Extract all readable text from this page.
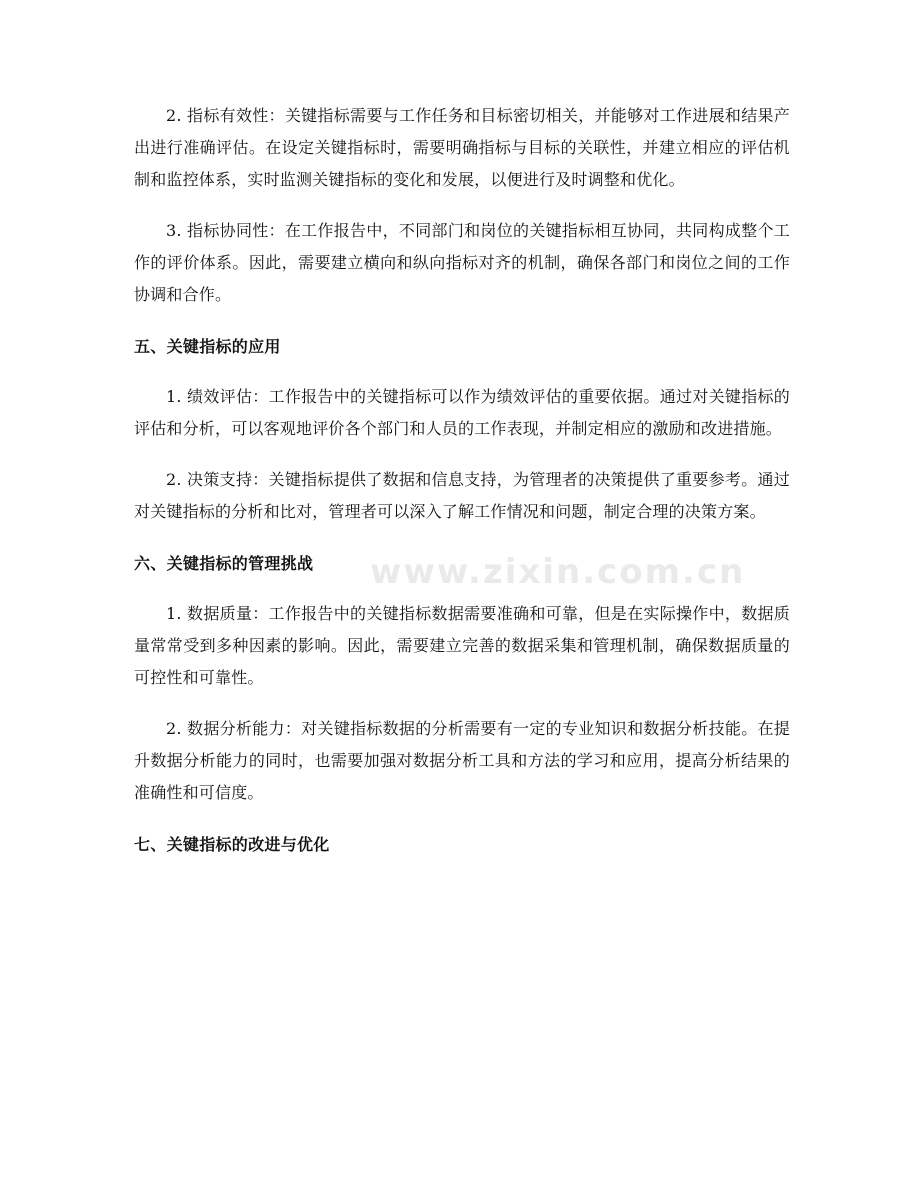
2. 指标有效性：关键指标需要与工作任务和目标密切相关，并能够对工作进展和结果产出进行准确评估。在设定关键指标时，需要明确指标与目标的关联性，并建立相应的评估机制和监控体系，实时监测关键指标的变化和发展，以便进行及时调整和优化。

3. 指标协同性：在工作报告中，不同部门和岗位的关键指标相互协同，共同构成整个工作的评价体系。因此，需要建立横向和纵向指标对齐的机制，确保各部门和岗位之间的工作协调和合作。

五、关键指标的应用

1. 绩效评估：工作报告中的关键指标可以作为绩效评估的重要依据。通过对关键指标的评估和分析，可以客观地评价各个部门和人员的工作表现，并制定相应的激励和改进措施。

2. 决策支持：关键指标提供了数据和信息支持，为管理者的决策提供了重要参考。通过对关键指标的分析和比对，管理者可以深入了解工作情况和问题，制定合理的决策方案。

六、关键指标的管理挑战

1. 数据质量：工作报告中的关键指标数据需要准确和可靠，但是在实际操作中，数据质量常常受到多种因素的影响。因此，需要建立完善的数据采集和管理机制，确保数据质量的可控性和可靠性。

2. 数据分析能力：对关键指标数据的分析需要有一定的专业知识和数据分析技能。在提升数据分析能力的同时，也需要加强对数据分析工具和方法的学习和应用，提高分析结果的准确性和可信度。

七、关键指标的改进与优化
www.zixin.com.cn
